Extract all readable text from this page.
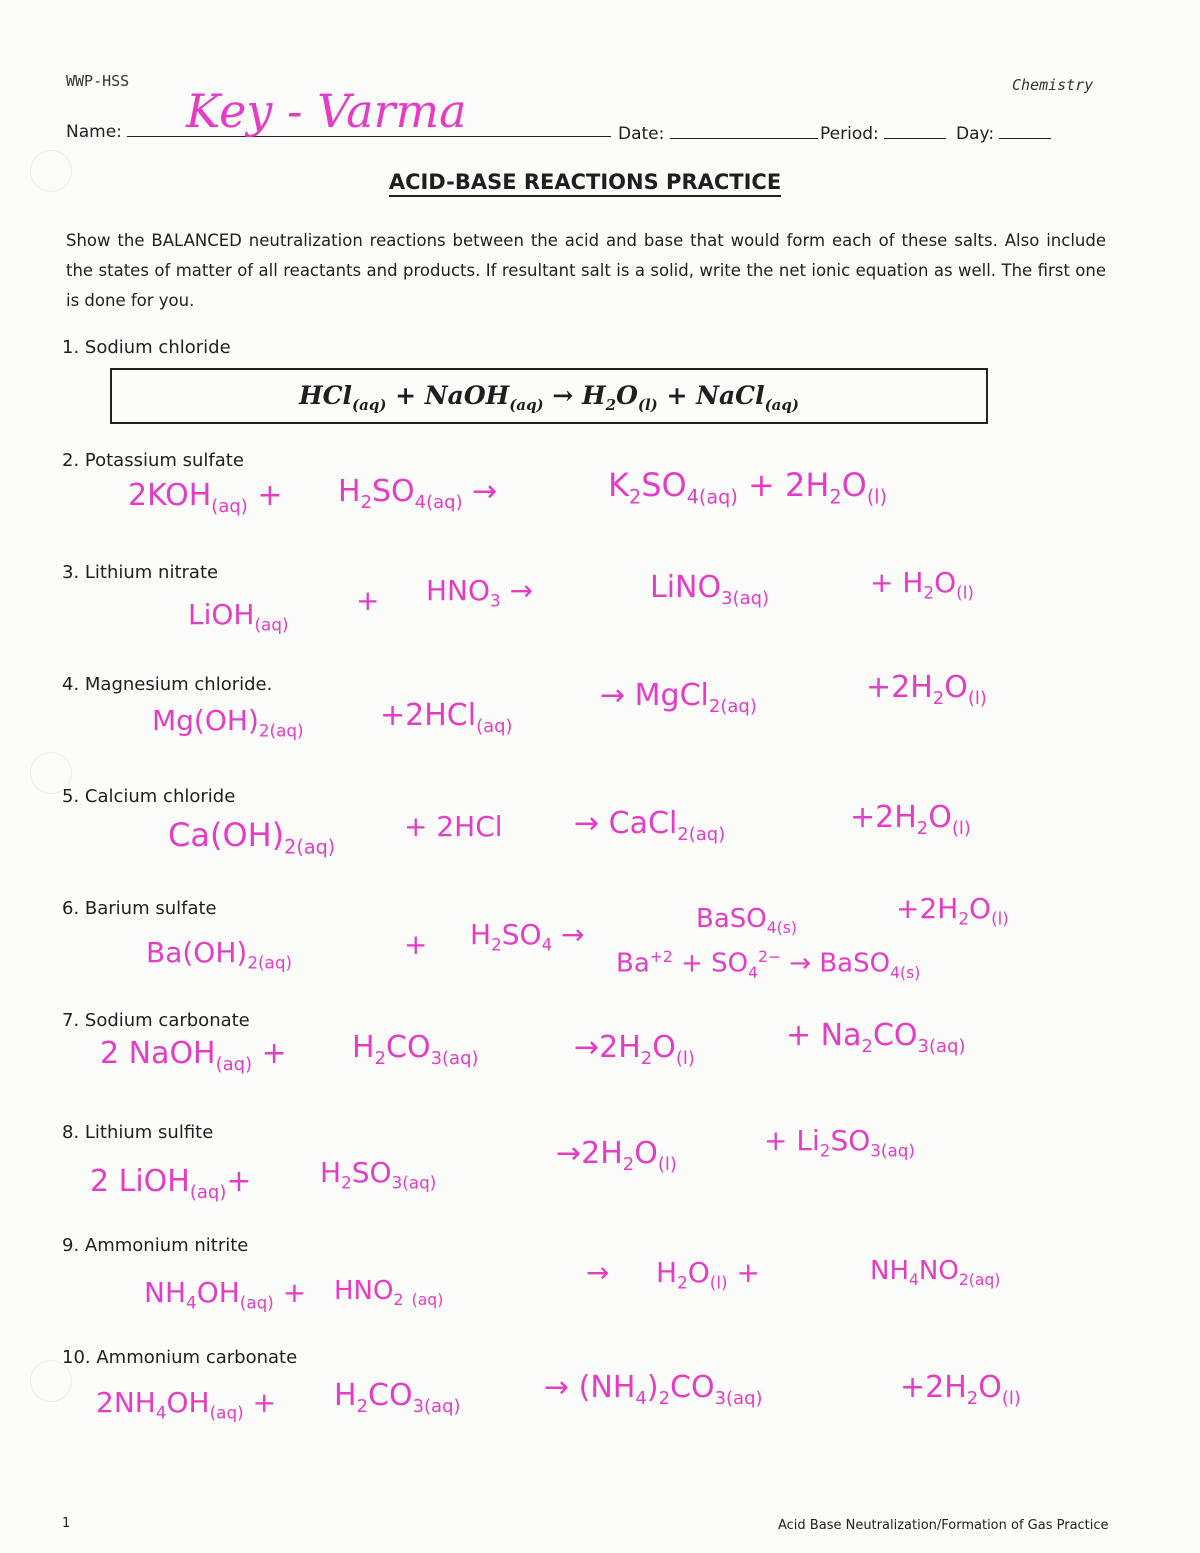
WWP-HSS	Chemistry
Name:	Key - Varma	Date:	Period:	Day:
ACID-BASE REACTIONS PRACTICE
Show the BALANCED neutralization reactions between the acid and base that would form each of these salts. Also include the states of matter of all reactants and products. If resultant salt is a solid, write the net ionic equation as well. The first one is done for you.
1. Sodium chloride
HCl$_{(aq)}$ + NaOH$_{(aq)}$ → $H_2O_{(l)}$ + NaCl$_{(aq)}$
2. Potassium sulfate
$2KOH_{(aq)} + H_2SO_{4(aq)}$ →	$K_2SO_{4(aq)} + 2H_2O_{(l)}$
3. Lithium nitrate
LiOH$_{(aq)}$
+ $HNO_3$ →	LiNO$_{3(aq)}$	+ $H_2O_{(l)}$
4. Magnesium chloride.
$Mg(OH)_{2(aq)}$	+2HCl$_{(aq)}$
→ MgCl$_{2(aq)}$
$+2H_2O_{(l)}$
5. Calcium chloride
$Ca(OH)_{2(aq)}$
+ 2HCl → CaCl$_{2(aq)}$	$+2H_2O_{(l)}$
6. Barium sulfate
$Ba(OH)_{2(aq)}$
+ $H_2SO_4$ →	BaSO$_{4(s)}$
$+2H_2O_{(l)}$
$Ba^{+2} + SO_4^{2-}$ → BaSO$_{4(s)}$
7. Sodium carbonate
2 NaOH$_{(aq)}$ + $H_2CO_{3(aq)}$	$\to 2H_2O_{(l)}$
+ $Na_2CO_{3(aq)}$
8. Lithium sulfite
2 LiOH$_{(aq)}$+ $H_2SO_{3(aq)}$
$\to 2H_2O_{(l)}$
+ $Li_2SO_{3(aq)}$
9. Ammonium nitrite
$NH_4OH_{(aq)} + HNO_2$ $_{(aq)}$
→ $H_2O_{(l)}$ +	$NH_4NO_{2(aq)}$
10. Ammonium carbonate
$2NH_4OH_{(aq)} + H_2CO_{3(aq)}$
→ $(NH_4)_2CO_{3(aq)}$	$+2H_2O_{(l)}$
1	Acid Base Neutralization/Formation of Gas Practice
